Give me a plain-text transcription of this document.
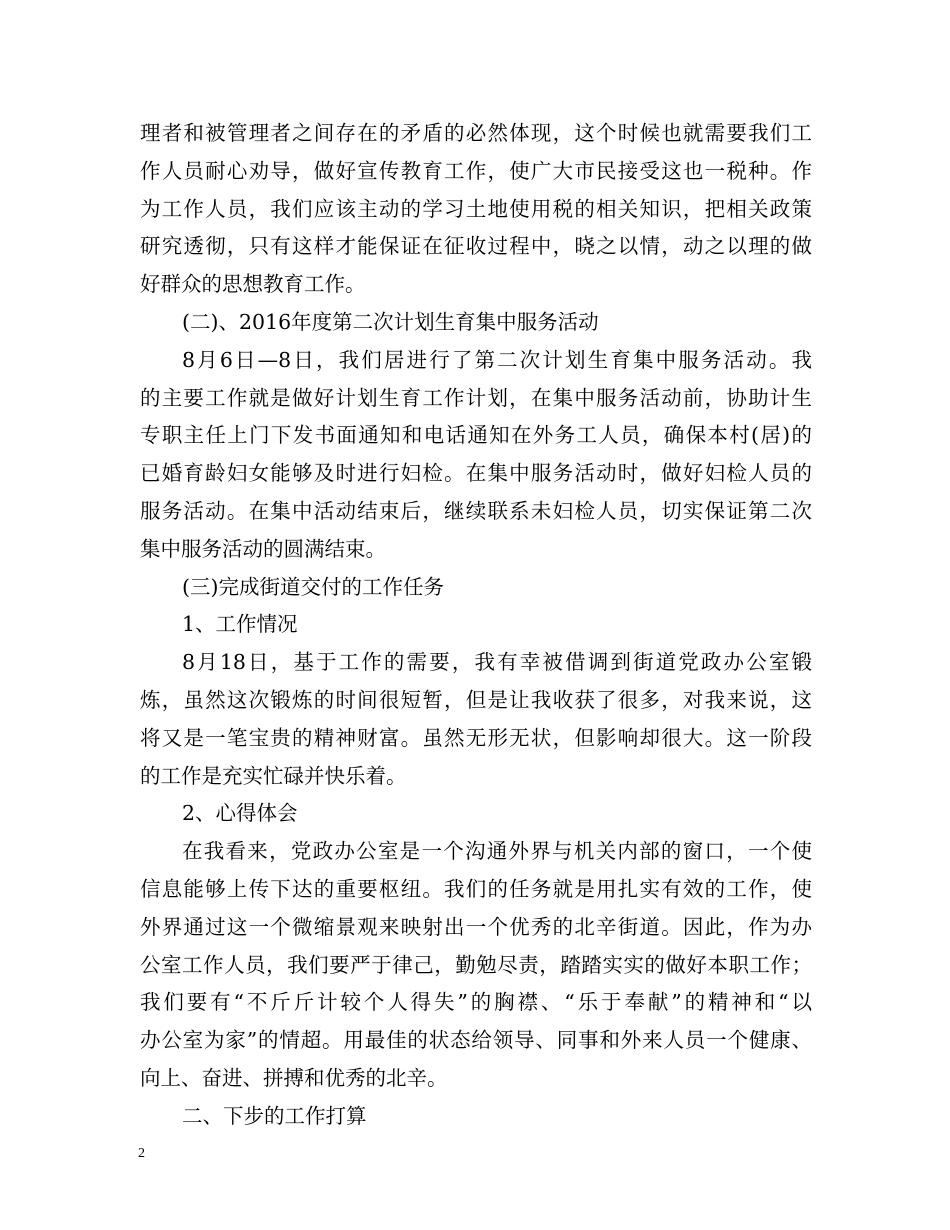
理者和被管理者之间存在的矛盾的必然体现，这个时候也就需要我们工
作人员耐心劝导，做好宣传教育工作，使广大市民接受这也一税种。作
为工作人员，我们应该主动的学习土地使用税的相关知识，把相关政策
研究透彻，只有这样才能保证在征收过程中，晓之以情，动之以理的做
好群众的思想教育工作。
(二)、2016年度第二次计划生育集中服务活动
8月6日—8日，我们居进行了第二次计划生育集中服务活动。我
的主要工作就是做好计划生育工作计划，在集中服务活动前，协助计生
专职主任上门下发书面通知和电话通知在外务工人员，确保本村(居)的
已婚育龄妇女能够及时进行妇检。在集中服务活动时，做好妇检人员的
服务活动。在集中活动结束后，继续联系未妇检人员，切实保证第二次
集中服务活动的圆满结束。
(三)完成街道交付的工作任务
1、工作情况
8月18日，基于工作的需要，我有幸被借调到街道党政办公室锻
炼，虽然这次锻炼的时间很短暂，但是让我收获了很多，对我来说，这
将又是一笔宝贵的精神财富。虽然无形无状，但影响却很大。这一阶段
的工作是充实忙碌并快乐着。
2、心得体会
在我看来，党政办公室是一个沟通外界与机关内部的窗口，一个使
信息能够上传下达的重要枢纽。我们的任务就是用扎实有效的工作，使
外界通过这一个微缩景观来映射出一个优秀的北辛街道。因此，作为办
公室工作人员，我们要严于律己，勤勉尽责，踏踏实实的做好本职工作；
我们要有“不斤斤计较个人得失”的胸襟、“乐于奉献”的精神和“以
办公室为家”的情超。用最佳的状态给领导、同事和外来人员一个健康、
向上、奋进、拼搏和优秀的北辛。
二、下步的工作打算
2
